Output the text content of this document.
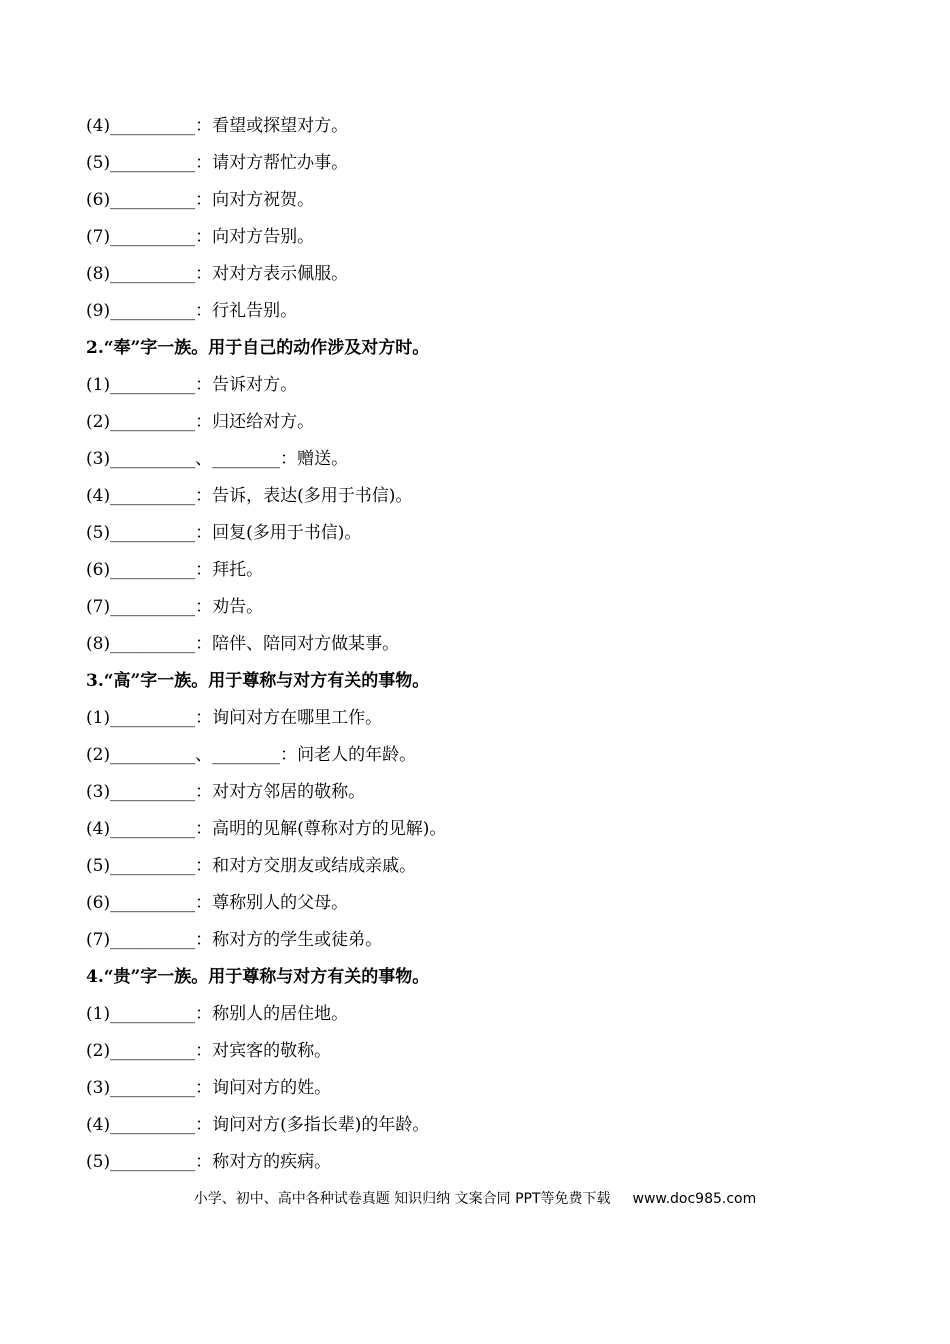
(4)__________：看望或探望对方。
(5)__________：请对方帮忙办事。
(6)__________：向对方祝贺。
(7)__________：向对方告别。
(8)__________：对对方表示佩服。
(9)__________：行礼告别。
2.“奉”字一族。用于自己的动作涉及对方时。
(1)__________：告诉对方。
(2)__________：归还给对方。
(3)__________、________：赠送。
(4)__________：告诉，表达(多用于书信)。
(5)__________：回复(多用于书信)。
(6)__________：拜托。
(7)__________：劝告。
(8)__________：陪伴、陪同对方做某事。
3.“高”字一族。用于尊称与对方有关的事物。
(1)__________：询问对方在哪里工作。
(2)__________、________：问老人的年龄。
(3)__________：对对方邻居的敬称。
(4)__________：高明的见解(尊称对方的见解)。
(5)__________：和对方交朋友或结成亲戚。
(6)__________：尊称别人的父母。
(7)__________：称对方的学生或徒弟。
4.“贵”字一族。用于尊称与对方有关的事物。
(1)__________：称别人的居住地。
(2)__________：对宾客的敬称。
(3)__________：询问对方的姓。
(4)__________：询问对方(多指长辈)的年龄。
(5)__________：称对方的疾病。
小学、初中、高中各种试卷真题 知识归纳 文案合同 PPT等免费下载 www.doc985.com
